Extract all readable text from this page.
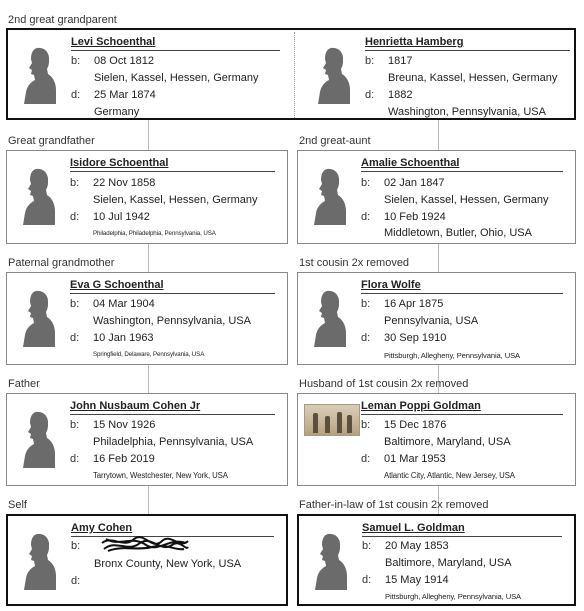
2nd great grandparent
Levi Schoenthal
b: 08 Oct 1812
Sielen, Kassel, Hessen, Germany
d: 25 Mar 1874
Germany
Henrietta Hamberg
b: 1817
Breuna, Kassel, Hessen, Germany
d: 1882
Washington, Pennsylvania, USA
Great grandfather
Isidore Schoenthal
b: 22 Nov 1858
Sielen, Kassel, Hessen, Germany
d: 10 Jul 1942
Philadelphia, Philadelphia, Pennsylvania, USA
2nd great-aunt
Amalie Schoenthal
b: 02 Jan 1847
Sielen, Kassel, Hessen, Germany
d: 10 Feb 1924
Middletown, Butler, Ohio, USA
Paternal grandmother
Eva G Schoenthal
b: 04 Mar 1904
Washington, Pennsylvania, USA
d: 10 Jan 1963
Springfield, Delaware, Pennsylvania, USA
1st cousin 2x removed
Flora Wolfe
b: 16 Apr 1875
Pennsylvania, USA
d: 30 Sep 1910
Pittsburgh, Allegheny, Pennsylvania, USA
Father
John Nusbaum Cohen Jr
b: 15 Nov 1926
Philadelphia, Pennsylvania, USA
d: 16 Feb 2019
Tarrytown, Westchester, New York, USA
Husband of 1st cousin 2x removed
Leman Poppi Goldman
b: 15 Dec 1876
Baltimore, Maryland, USA
d: 01 Mar 1953
Atlantic City, Atlantic, New Jersey, USA
Self
Amy Cohen
b:
Bronx County, New York, USA
d:
Father-in-law of 1st cousin 2x removed
Samuel L. Goldman
b: 20 May 1853
Baltimore, Maryland, USA
d: 15 May 1914
Pittsburgh, Allegheny, Pennsylvania, USA
